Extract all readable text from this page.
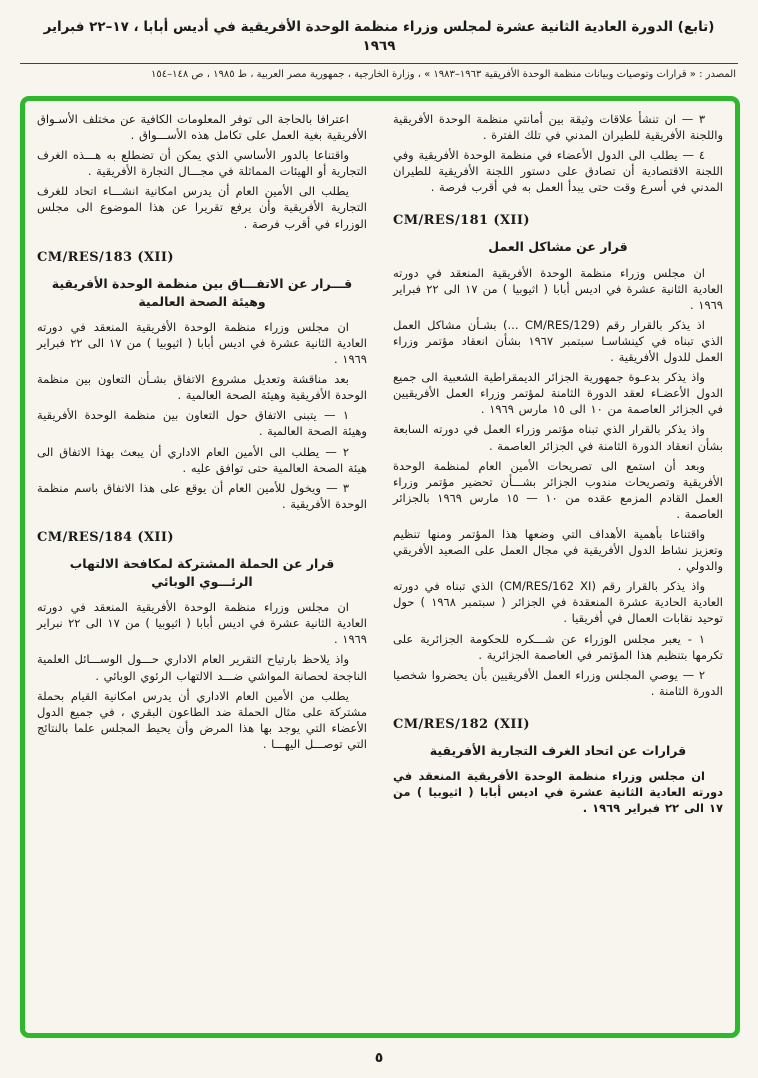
(تابع) الدورة العادية الثانية عشرة لمجلس وزراء منظمة الوحدة الأفريقية في أديس أبابا ، ١٧–٢٢ فبراير ١٩٦٩
المصدر : « قرارات وتوصيات وبيانات منظمة الوحدة الأفريقية ١٩٦٣–١٩٨٣ » ، وزارة الخارجية ، جمهورية مصر العربية ، ط ١٩٨٥ ، ص ١٤٨–١٥٤

٣ — ان تنشأ علاقات وثيقة بين أمانتي منظمة الوحدة الأفريقية واللجنة الأفريقية للطيران المدني في تلك الفترة .

٤ — يطلب الى الدول الأعضاء في منظمة الوحدة الأفريقية وفي اللجنة الاقتصادية أن تصادق على دستور اللجنة الأفريقية للطيران المدني في أسرع وقت حتى يبدأ العمل به في أقرب فرصة .

CM/RES/181 (XII)
قرار عن مشاكل العمل

ان مجلس وزراء منظمة الوحدة الأفريقية المنعقد في دورته العادية الثانية عشرة في اديس أبابا ( اثيوبيا ) من ١٧ الى ٢٢ فبراير ١٩٦٩ .

اذ يذكر بالقرار رقم (CM/RES/129 ...) بشـأن مشاكل العمل الذي تبناه في كينشاسـا سبتمبر ١٩٦٧ بشأن انعقاد مؤتمر وزراء العمل للدول الأفريقية .

واذ يذكر بدعـوة جمهورية الجزائر الديمقراطية الشعبية الى جميع الدول الأعضـاء لعقد الدورة الثامنة لمؤتمر وزراء العمل الأفريقيين في الجزائر العاصمة من ١٠ الى ١٥ مارس ١٩٦٩ .

واذ يذكر بالقرار الذي تبناه مؤتمر وزراء العمل في دورته السابعة بشأن انعقاد الدورة الثامنة في الجزائر العاصمة .

وبعد أن استمع الى تصريحات الأمين العام لمنظمة الوحدة الأفريقية وتصريحات مندوب الجزائر بشـــأن تحضير مؤتمر وزراء العمل القادم المزمع عقده من ١٠ — ١٥ مارس ١٩٦٩ بالجزائر العاصمة .

واقتناعا بأهمية الأهداف التي وضعها هذا المؤتمر ومنها تنظيم وتعزيز نشاط الدول الأفريقية في مجال العمل على الصعيد الأفريقي والدولي .

واذ يذكر بالقرار رقم (CM/RES/162 XI) الذي تبناه في دورته العادية الحادية عشرة المنعقدة في الجزائر ( سبتمبر ١٩٦٨ ) حول توحيد نقابات العمال في أفريقيا .

١ - يعبر مجلس الوزراء عن شـــكره للحكومة الجزائرية على تكرمها بتنظيم هذا المؤتمر في العاصمة الجزائرية .

٢ — يوصي المجلس وزراء العمل الأفريقيين بأن يحضروا شخصيا الدورة الثامنة .

CM/RES/182 (XII)
قرارات عن اتحاد الغرف التجارية الأفريقية

ان مجلس وزراء منظمة الوحدة الأفريقية المنعقد في دورته العادية الثانية عشرة في اديس أبابا ( اثيوبيا ) من ١٧ الى ٢٢ فبراير ١٩٦٩ .

اعترافا بالحاجة الى توفر المعلومات الكافية عن مختلف الأسـواق الأفريقية بغية العمل على تكامل هذه الأســـواق .

واقتناعا بالدور الأساسي الذي يمكن أن تضطلع به هـــذه الغرف التجارية أو الهيئات المماثلة في مجـــال التجارة الأفريقية .

يطلب الى الأمين العام أن يدرس امكانية انشـــاء اتحاد للغرف التجارية الأفريقية وأن يرفع تقريرا عن هذا الموضوع الى مجلس الوزراء في أقرب فرصة .

CM/RES/183 (XII)
قـــرار عن الاتفـــاق بين منظمة الوحدة الأفريقية وهيئة الصحة العالمية

ان مجلس وزراء منظمة الوحدة الأفريقية المنعقد في دورته العادية الثانية عشرة في اديس أبابا ( اثيوبيا ) من ١٧ الى ٢٢ فبراير ١٩٦٩ .

بعد مناقشة وتعديل مشروع الاتفاق بشـأن التعاون بين منظمة الوحدة الأفريقية وهيئة الصحة العالمية .

١ — يتبنى الاتفاق حول التعاون بين منظمة الوحدة الأفريقية وهيئة الصحة العالمية .

٢ — يطلب الى الأمين العام الاداري أن يبعث بهذا الاتفاق الى هيئة الصحة العالمية حتى توافق عليه .

٣ — ويخول للأمين العام أن يوقع على هذا الاتفاق باسم منظمة الوحدة الأفريقية .

CM/RES/184 (XII)
قرار عن الحملة المشتركة لمكافحة الالتهاب الرئـــوي الوبائي

ان مجلس وزراء منظمة الوحدة الأفريقية المنعقد في دورته العادية الثانية عشرة في اديس أبابا ( اثيوبيا ) من ١٧ الى ٢٢ نبراير ١٩٦٩ .

واذ يلاحظ بارتياح التقرير العام الاداري حـــول الوســـائل العلمية الناجحة لحصانة المواشي ضـــد الالتهاب الرئوي الوبائي .

يطلب من الأمين العام الاداري أن يدرس امكانية القيام بحملة مشتركة على مثال الحملة ضد الطاعون البقري ، في جميع الدول الأعضاء التي يوجد بها هذا المرض وأن يحيط المجلس علما بالنتائج التي توصـــل اليهـــا .

٥
